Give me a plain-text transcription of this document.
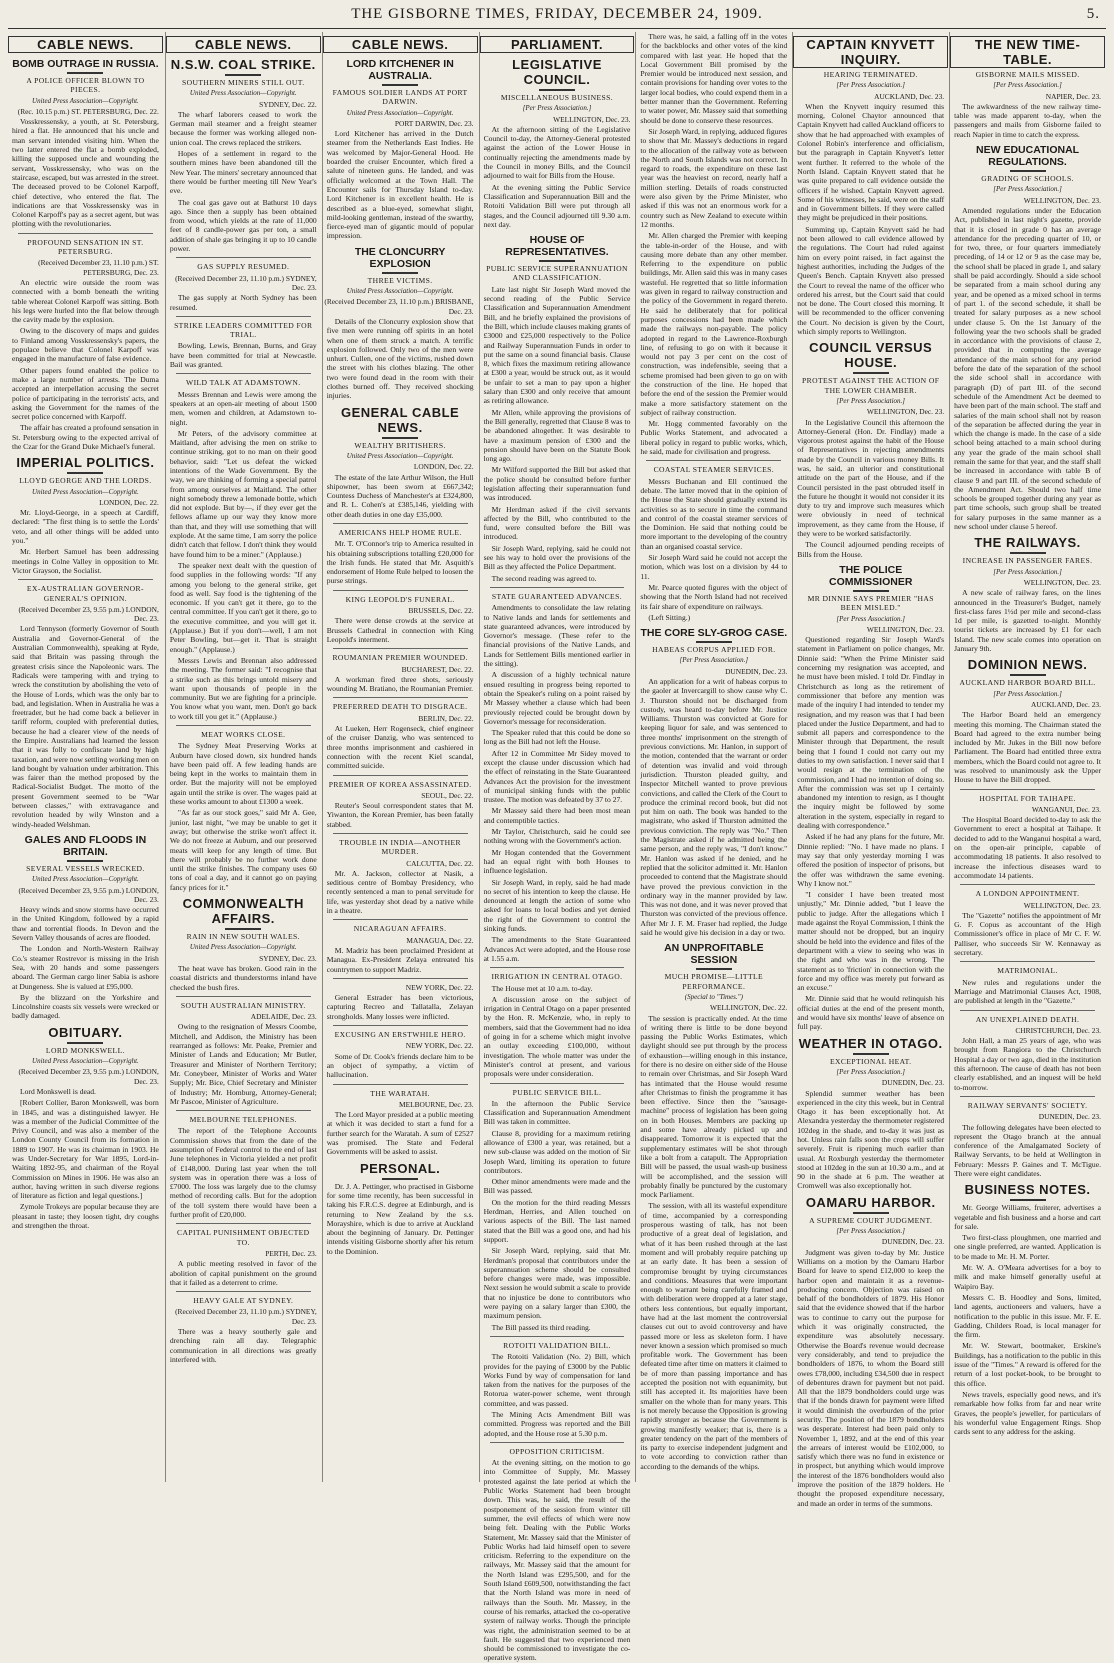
THE GISBORNE TIMES, FRIDAY, DECEMBER 24, 1909.	5.
CABLE NEWS.
BOMB OUTRAGE IN RUSSIA.
A POLICE OFFICER BLOWN TO PIECES.
United Press Association—Copyright.
(Rec. 10.15 p.m.) ST. PETERSBURG, Dec. 22.
Vosskressensky, a youth, at St. Petersburg, hired a flat. He announced that his uncle and man servant intended visiting him. When the two latter entered the flat a bomb exploded, killing the supposed uncle and wounding the servant, Vosskressensky, who was on the staircase, escaped, but was arrested in the street. The deceased proved to be Colonel Karpoff, chief detective, who entered the flat. The indications are that Vosskressensky was in Colonel Karpoff's pay as a secret agent, but was plotting with the revolutionaries.
PROFOUND SENSATION IN ST. PETERSBURG.
(Received December 23, 11.10 p.m.) ST. PETERSBURG, Dec. 23.
An electric wire outside the room was connected with a bomb beneath the writing table whereat Colonel Karpoff was sitting. Both his legs were hurled into the flat below through the cavity made by the explosion.
Owing to the discovery of maps and guides to Finland among Vosskressensky's papers, the populace believe that Colonel Karpoff was engaged in the manufacture of false evidence.
Other papers found enabled the police to make a large number of arrests. The Duma accepted an interpellation accusing the secret police of participating in the terrorists' acts, and asking the Government for the names of the secret police concerned with Karpoff.
The affair has created a profound sensation in St. Petersburg owing to the expected arrival of the Czar for the Grand Duke Michael's funeral.
IMPERIAL POLITICS.
LLOYD GEORGE AND THE LORDS.
United Press Association—Copyright.
LONDON, Dec. 22.
Mr. Lloyd-George, in a speech at Cardiff, declared: "The first thing is to settle the Lords' veto, and all other things will be added unto you."
Mr. Herbert Samuel has been addressing meetings in Colne Valley in opposition to Mr. Victor Grayson, the Socialist.
EX-AUSTRALIAN GOVERNOR-GENERAL'S OPINION.
(Received December 23, 9.55 p.m.) LONDON, Dec. 23.
Lord Tennyson (formerly Governor of South Australia and Governor-General of the Australian Commonwealth), speaking at Ryde, said that Britain was passing through the greatest crisis since the Napoleonic wars. The Radicals were tampering with and trying to wreck the constitution by abolishing the veto of the House of Lords, which was the only bar to bad, and legislation. When in Australia he was a freetrader, but he had come back a believer in tariff reform, coupled with preferential duties, because he had a clearer view of the needs of the Empire. Australians had learned the lesson that it was folly to confiscate land by high taxation, and were now settling working men on land bought by valuation under arbitration. This was fairer than the method proposed by the Radical-Socialist Budget. The motto of the present Government seemed to be "War between classes," with extravagance and revolution headed by wily Winston and a windy-headed Welshman.
GALES AND FLOODS IN BRITAIN.
SEVERAL VESSELS WRECKED.
United Press Association—Copyright.
(Received December 23, 9.55 p.m.) LONDON, Dec. 23.
Heavy winds and snow storms have occurred in the United Kingdom, followed by a rapid thaw and torrential floods. In Devon and the Severn Valley thousands of acres are flooded.
The London and North-Western Railway Co.'s steamer Rostrevor is missing in the Irish Sea, with 20 hands and some passengers aboard. The German cargo liner Sabia is ashore at Dungeness. She is valued at £95,000.
By the blizzard on the Yorkshire and Lincolnshire coasts six vessels were wrecked or badly damaged.
OBITUARY.
LORD MONKSWELL.
United Press Association—Copyright.
(Received December 23, 9.55 p.m.) LONDON, Dec. 23.
Lord Monkswell is dead.
[Robert Collier, Baron Monkswell, was born in 1845, and was a distinguished lawyer. He was a member of the Judicial Committee of the Privy Council, and was also a member of the London County Council from its formation in 1889 to 1907. He was its chairman in 1903. He was Under-Secretary for War 1895, Lord-in-Waiting 1892-95, and chairman of the Royal Commission on Mines in 1906. He was also an author, having written in such diverse regions of literature as fiction and legal questions.]
Zymole Trokeys are popular because they are pleasant in taste; they loosen tight, dry coughs and strengthen the throat.
CABLE NEWS.
N.S.W. COAL STRIKE.
SOUTHERN MINERS STILL OUT.
United Press Association—Copyright.
SYDNEY, Dec. 22.
The wharf laborers ceased to work the German mail steamer and a freight steamer because the former was working alleged non-union coal. The crews replaced the strikers.
Hopes of a settlement in regard to the southern mines have been abandoned till the New Year. The miners' secretary announced that there would be further meeting till New Year's eve.
The coal gas gave out at Bathurst 10 days ago. Since then a supply has been obtained from wood, which yields at the rate of 11,000 feet of 8 candle-power gas per ton, a small addition of shale gas bringing it up to 10 candle power.
GAS SUPPLY RESUMED.
(Received December 23, 11.10 p.m.) SYDNEY, Dec. 23.
The gas supply at North Sydney has been resumed.
STRIKE LEADERS COMMITTED FOR TRIAL.
Bowling, Lewis, Brennan, Burns, and Gray have been committed for trial at Newcastle. Bail was granted.
WILD TALK AT ADAMSTOWN.
Messrs Brennan and Lewis were among the speakers at an open-air meeting of about 1500 men, women and children, at Adamstown to-night.
Mr Peters, of the advisory committee at Maitland, after advising the men on strike to continue striking, got to no man on their good behavior, said: "Let us defeat the wicked intentions of the Wade Government. By the way, we are thinking of forming a special patrol from among ourselves at Maitland. The other night somebody threw a lemonade bottle, which did not explode. But by—, if they ever get the fellows aflame up our way they know more than that, and they will use something that will explode. At the same time, I am sorry the police didn't catch that fellow. I don't think they would have found him to be a miner." (Applause.)
The speaker next dealt with the question of food supplies in the following words: "If any among you belong to the general strike, get food as well. Say food is the tightening of the economic. If you can't get it there, go to the central committee. If you can't get it there, go to the executive committee, and you will get it. (Applause.) But if you don't—well, I am not Peter Bowling, but—get it. That is straight enough." (Applause.)
Messrs Lewis and Brennan also addressed the meeting. The former said: "I recognise that a strike such as this brings untold misery and want upon thousands of people in the community. But we are fighting for a principle. You know what you want, men. Don't go back to work till you get it." (Applause.)
MEAT WORKS CLOSE.
The Sydney Meat Preserving Works at Auburn have closed down, six hundred hands have been paid off. A few leading hands are being kept in the works to maintain them in order. But the majority will not be employed again until the strike is over. The wages paid at these works amount to about £1300 a week.
"As far as our stock goes," said Mr A. Gee, junior, last night, "we may be unable to get it away; but otherwise the strike won't affect it. We do not freeze at Auburn, and our preserved meats will keep for any length of time. But there will probably be no further work done until the strike finishes. The company uses 60 tons of coal a day, and it cannot go on paying fancy prices for it."
COMMONWEALTH AFFAIRS.
RAIN IN NEW SOUTH WALES.
United Press Association—Copyright.
SYDNEY, Dec. 23.
The heat wave has broken. Good rain in the coastal districts and thunderstorms inland have checked the bush fires.
SOUTH AUSTRALIAN MINISTRY.
ADELAIDE, Dec. 23.
Owing to the resignation of Messrs Coombe, Mitchell, and Addison, the Ministry has been rearranged as follows: Mr. Peake, Premier and Minister of Lands and Education; Mr Butler, Treasurer and Minister of Northern Territory; Mr. Coneybeer, Minister of Works and Water Supply; Mr. Bice, Chief Secretary and Minister of Industry; Mr. Homburg, Attorney-General; Mr Pascoe, Minister of Agriculture.
MELBOURNE TELEPHONES.
The report of the Telephone Accounts Commission shows that from the date of the assumption of Federal control to the end of last June telephones in Victoria yielded a net profit of £148,000. During last year when the toll system was in operation there was a loss of £7000. The loss was largely due to the clumsy method of recording calls. But for the adoption of the toll system there would have been a further profit of £20,000.
CAPITAL PUNISHMENT OBJECTED TO.
PERTH, Dec. 23.
A public meeting resolved in favor of the abolition of capital punishment on the ground that it failed as a deterrent to crime.
HEAVY GALE AT SYDNEY.
(Received December 23, 11.10 p.m.) SYDNEY, Dec. 23.
There was a heavy southerly gale and drenching rain all day. Telegraphic communication in all directions was greatly interfered with.
CABLE NEWS.
LORD KITCHENER IN AUSTRALIA.
FAMOUS SOLDIER LANDS AT PORT DARWIN.
United Press Association—Copyright.
PORT DARWIN, Dec. 23.
Lord Kitchener has arrived in the Dutch steamer from the Netherlands East Indies. He was welcomed by Major-General Hood. He boarded the cruiser Encounter, which fired a salute of nineteen guns. He landed, and was officially welcomed at the Town Hall. The Encounter sails for Thursday Island to-day. Lord Kitchener is in excellent health. He is described as a blue-eyed, somewhat slight, mild-looking gentleman, instead of the swarthy, fierce-eyed man of gigantic mould of popular impression.
THE CLONCURRY EXPLOSION
THREE VICTIMS.
United Press Association—Copyright.
(Received December 23, 11.10 p.m.) BRISBANE, Dec. 23.
Details of the Cloncurry explosion show that five men were running off spirits in an hotel when one of them struck a match. A terrific explosion followed. Only two of the men were unhurt. Cullen, one of the victims, rushed down the street with his clothes blazing. The other two were found dead in the room with their clothes burned off. They received shocking injuries.
GENERAL CABLE NEWS.
WEALTHY BRITISHERS.
United Press Association—Copyright.
LONDON, Dec. 22.
The estate of the late Arthur Wilson, the Hull shipowner, has been sworn at £667,342; Countess Duchess of Manchester's at £324,800, and R. L. Cohen's at £385,146, yielding with other death duties in one day £35,000.
AMERICANS HELP HOME RULE.
Mr. T. O'Connor's trip to America resulted in his obtaining subscriptions totalling £20,000 for the Irish funds. He stated that Mr. Asquith's endorsement of Home Rule helped to loosen the purse strings.
KING LEOPOLD'S FUNERAL.
BRUSSELS, Dec. 22.
There were dense crowds at the service at Brussels Cathedral in connection with King Leopold's interment.
ROUMANIAN PREMIER WOUNDED.
BUCHAREST, Dec. 22.
A workman fired three shots, seriously wounding M. Bratiano, the Roumanian Premier.
PREFERRED DEATH TO DISGRACE.
BERLIN, Dec. 22.
At Lueken, Herr Rogenseck, chief engineer of the cruiser Danzig, who was sentenced to three months imprisonment and cashiered in connection with the recent Kiel scandal, committed suicide.
PREMIER OF KOREA ASSASSINATED.
SEOUL, Dec. 22.
Reuter's Seoul correspondent states that M. Yiwanton, the Korean Premier, has been fatally stabbed.
TROUBLE IN INDIA—ANOTHER MURDER.
CALCUTTA, Dec. 22.
Mr. A. Jackson, collector at Nasik, a seditious centre of Bombay Presidency, who recently sentenced a man to penal servitude for life, was yesterday shot dead by a native while in a theatre.
NICARAGUAN AFFAIRS.
MANAGUA, Dec. 22.
M. Madriz has been proclaimed President at Managua. Ex-President Zelaya entreated his countrymen to support Madriz.
NEW YORK, Dec. 22.
General Estrader has been victorious, capturing Recreo and Tallatalla, Zelayan strongholds. Many losses were inflicted.
EXCUSING AN ERSTWHILE HERO.
NEW YORK, Dec. 22.
Some of Dr. Cook's friends declare him to be an object of sympathy, a victim of hallucination.
THE WARATAH.
MELBOURNE, Dec. 23.
The Lord Mayor presided at a public meeting at which it was decided to start a fund for a further search for the Waratah. A sum of £2527 was promised. The State and Federal Governments will be asked to assist.
PERSONAL.
Dr. J. A. Pettinger, who practised in Gisborne for some time recently, has been successful in taking his F.R.C.S. degree at Edinburgh, and is returning to New Zealand by the s.s. Morayshire, which is due to arrive at Auckland about the beginning of January. Dr. Pettinger intends visiting Gisborne shortly after his return to the Dominion.
PARLIAMENT.
LEGISLATIVE COUNCIL.
MISCELLANEOUS BUSINESS.
[Per Press Association.]
WELLINGTON, Dec. 23.
At the afternoon sitting of the Legislative Council to-day, the Attorney-General protested against the action of the Lower House in continually rejecting the amendments made by the Council in money Bills, and the Council adjourned to wait for Bills from the House.
At the evening sitting the Public Service Classification and Superannuation Bill and the Rotoiti Validation Bill were put through all stages, and the Council adjourned till 9.30 a.m. next day.
HOUSE OF REPRESENTATIVES.
PUBLIC SERVICE SUPERANNUATION AND CLASSIFICATION.
Late last night Sir Joseph Ward moved the second reading of the Public Service Classification and Superannuation Amendment Bill, and he briefly explained the provisions of the Bill, which include clauses making grants of £3000 and £25,000 respectively to the Police and Railway Superannuation Funds in order to put the same on a sound financial basis. Clause 8, which fixes the maximum retiring allowance at £300 a year, would be struck out, as it would be unfair to set a man to pay upon a higher salary than £300 and only receive that amount as retiring allowance.
Mr Allen, while approving the provisions of the Bill generally, regretted that Clause 8 was to be abandoned altogether. It was desirable to have a maximum pension of £300 and the pension should have been on the Statute Book long ago.
Mr Wilford supported the Bill but asked that the police should be consulted before further legislation affecting their superannuation fund was introduced.
Mr Herdman asked if the civil servants affected by the Bill, who contributed to the fund, were consulted before the Bill was introduced.
Sir Joseph Ward, replying, said he could not see his way to hold over the provisions of the Bill as they affected the Police Department.
The second reading was agreed to.
STATE GUARANTEED ADVANCES.
Amendments to consolidate the law relating to Native lands and lands for settlements and state guaranteed advances, were introduced by Governor's message. (These refer to the financial provisions of the Native Lands, and Lands for Settlement Bills mentioned earlier in the sitting).
A discussion of a highly technical nature ensued resulting in progress being reported to obtain the Speaker's ruling on a point raised by Mr Massey whether a clause which had been previously rejected could be brought down by Governor's message for reconsideration.
The Speaker ruled that this could be done so long as the Bill had not left the House.
After 12 in Committee Mr Sidey moved to except the clause under discussion which had the effect of reinstating in the State Guaranteed Advances Act the provision for the investment of municipal sinking funds with the public trustee. The motion was defeated by 37 to 27.
Mr Massey said there had been most mean and contemptible tactics.
Mr Taylor, Christchurch, said he could see nothing wrong with the Government's action.
Mr Hogan contended that the Government had an equal right with both Houses to influence legislation.
Sir Joseph Ward, in reply, said he had made no secret of his intention to keep the clause. He denounced at length the action of some who asked for loans to local bodies and yet denied the right of the Government to control the sinking funds.
The amendments to the State Guaranteed Advances Act were adopted, and the House rose at 1.55 a.m.
IRRIGATION IN CENTRAL OTAGO.
The House met at 10 a.m. to-day.
A discussion arose on the subject of irrigation in Central Otago on a paper presented by the Hon. R. McKenzie, who, in reply to members, said that the Government had no idea of going in for a scheme which might involve an outlay exceeding £100,000, without investigation. The whole matter was under the Minister's control at present, and various proposals were under consideration.
PUBLIC SERVICE BILL.
In the afternoon the Public Service Classification and Superannuation Amendment Bill was taken in committee.
Clause 8, providing for a maximum retiring allowance of £300 a year, was retained, but a new sub-clause was added on the motion of Sir Joseph Ward, limiting its operation to future contributors.
Other minor amendments were made and the Bill was passed.
On the motion for the third reading Messrs Herdman, Herries, and Allen touched on various aspects of the Bill. The last named stated that the Bill was a good one, and had his support.
Sir Joseph Ward, replying, said that Mr. Herdman's proposal that contributors under the superannuation scheme should be consulted before changes were made, was impossible. Next session he would submit a scale to provide that no injustice be done to contributors who were paying on a salary larger than £300, the maximum pension.
The Bill passed its third reading.
ROTOITI VALIDATION BILL.
The Rotoiti Validation (No. 2) Bill, which provides for the paying of £3000 by the Public Works Fund by way of compensation for land taken from the natives for the purposes of the Rotorua water-power scheme, went through committee, and was passed.
The Mining Acts Amendment Bill was committed. Progress was reported and the Bill adopted, and the House rose at 5.30 p.m.
OPPOSITION CRITICISM.
At the evening sitting, on the motion to go into Committee of Supply, Mr. Massey protested against the late period at which the Public Works Statement had been brought down. This was, he said, the result of the postponement of the session from winter till summer, the evil effects of which were now being felt. Dealing with the Public Works Statement, Mr. Massey said that the Minister of Public Works had laid himself open to severe criticism. Referring to the expenditure on the railways, Mr. Massey said that the amount for the North Island was £295,500, and for the South Island £609,500, notwithstanding the fact that the North Island was more in need of railways than the South. Mr. Massey, in the course of his remarks, attacked the co-operative system of railway works. Though the principle was right, the administration seemed to be at fault. He suggested that two experienced men should be commissioned to investigate the co-operative system.
There was, he said, a falling off in the votes for the backblocks and other votes of the kind compared with last year. He hoped that the Local Government Bill promised by the Premier would be introduced next session, and contain provisions for handing over votes to the larger local bodies, who could expend them in a better manner than the Government. Referring to water power, Mr. Massey said that something should be done to conserve these resources.
Sir Joseph Ward, in replying, adduced figures to show that Mr. Massey's deductions in regard to the allocation of the railway vote as between the North and South Islands was not correct. In regard to roads, the expenditure on these last year was the heaviest on record, nearly half a million sterling. Details of roads constructed were also given by the Prime Minister, who asked if this was not an enormous work for a country such as New Zealand to execute within 12 months.
Mr. Allen charged the Premier with keeping the table-in-order of the House, and with causing more debate than any other member. Referring to the expenditure on public buildings, Mr. Allen said this was in many cases wasteful. He regretted that so little information was given in regard to railway construction and the policy of the Government in regard thereto. He said he deliberately that for political purposes concessions had been made which made the railways non-payable. The policy adopted in regard to the Lawrence-Roxburgh line, of refusing to go on with it because it would not pay 3 per cent on the cost of construction, was indefensible, seeing that a scheme promised had been given to go on with the construction of the line. He hoped that before the end of the session the Premier would make a more satisfactory statement on the subject of railway construction.
Mr. Hogg commented favorably on the Public Works Statement, and advocated a liberal policy in regard to public works, which, he said, made for civilisation and progress.
COASTAL STEAMER SERVICES.
Messrs Buchanan and Ell continued the debate. The latter moved that in the opinion of the House the State should gradually extend its activities so as to secure in time the command and control of the coastal steamer services of the Dominion. He said that nothing could be more important to the developing of the country than an organised coastal service.
Sir Joseph Ward said he could not accept the motion, which was lost on a division by 44 to 11.
Mr. Pearce quoted figures with the object of showing that the North Island had not received its fair share of expenditure on railways.
(Left Sitting.)
THE CORE SLY-GROG CASE.
HABEAS CORPUS APPLIED FOR.
[Per Press Association.]
DUNEDIN, Dec. 23.
An application for a writ of habeas corpus to the gaoler at Invercargill to show cause why C. J. Thurston should not be discharged from custody, was heard to-day before Mr. Justice Williams. Thurston was convicted at Gore for keeping liquor for sale, and was sentenced to three months' imprisonment on the strength of previous convictions. Mr. Hanlon, in support of the motion, contended that the warrant or order of detention was invalid and void through jurisdiction. Thurston pleaded guilty, and Inspector Mitchell wanted to prove previous convictions, and called the Clerk of the Court to produce the criminal record book, but did not put him on oath. The book was handed to the magistrate, who asked if Thurston admitted the previous conviction. The reply was "No." Then the Magistrate asked if he admitted being the same person, and the reply was, "I don't know." Mr. Hanlon was asked if he denied, and he replied that the solicitor admitted it. Mr. Hanlon proceeded to contend that the Magistrate should have proved the previous conviction in the ordinary way in the manner provided by law. This was not done, and it was never proved that Thurston was convicted of the previous offence. After Mr J. F. M. Fraser had replied, the Judge said he would give his decision in a day or two.
AN UNPROFITABLE SESSION
MUCH PROMISE—LITTLE PERFORMANCE.
(Special to "Times.")
WELLINGTON, Dec. 22.
The session is practically ended. At the time of writing there is little to be done beyond passing the Public Works Estimates, which daylight should see put through by the process of exhaustion—willing enough in this instance, for there is no desire on either side of the House to remain over Christmas, and Sir Joseph Ward has intimated that the House would resume after Christmas to finish the programme it has been effective. Since then the "sausage-machine" process of legislation has been going on in both Houses. Members are packing up and some have already picked up and disappeared. Tomorrow it is expected that the supplementary estimates will be shot through like a bolt from a catapult. The Appropriation Bill will be passed, the usual wash-up business will be accomplished, and the session will probably finally be punctured by the customary mock Parliament.
The session, with all its wasteful expenditure of time, accompanied by a corresponding prosperous wasting of talk, has not been productive of a great deal of legislation, and what of it has been rushed through at the last moment and will probably require patching up at an early date. It has been a session of compromise brought by trying circumstances and conditions. Measures that were important enough to warrant being carefully framed and with deliberation were dropped at a later stage, others less contentious, but equally important, have had at the last moment the controversial clauses cut out to avoid controversy and have passed more or less as skeleton form. I have never known a session which promised so much profitable work. The Government has been defeated time after time on matters it claimed to be of more than passing importance and has accepted the position not with equanimity, but still has accepted it. Its majorities have been smaller on the whole than for many years. This is not merely because the Opposition is growing rapidly stronger as because the Government is growing manifestly weaker; that is, there is a greater tendency on the part of the members of its party to exercise independent judgment and to vote according to conviction rather than according to the demands of the whips.
CAPTAIN KNYVETT INQUIRY.
HEARING TERMINATED.
[Per Press Association.]
AUCKLAND, Dec. 23.
When the Knyvett inquiry resumed this morning, Colonel Chaytor announced that Captain Knyvett had called Auckland officers to show that he had approached with examples of Colonel Robin's interference and officialism, but the paragraph in Captain Knyvett's letter went further. It referred to the whole of the North Island. Captain Knyvett stated that he was quite prepared to call evidence outside the officers if he wished. Captain Knyvett agreed. Some of his witnesses, he said, were on the staff and in Government billets. If they were called they might be prejudiced in their positions.
Summing up, Captain Knyvett said he had not been allowed to call evidence allowed by the regulations. The Court had ruled against him on every point raised, in fact against the highest authorities, including the Judges of the Queen's Bench. Captain Knyvett also pressed the Court to reveal the name of the officer who ordered his arrest, but the Court said that could not be done. The Court closed this morning. It will be recommended to the officer convening the Court. No decision is given by the Court, which simply reports to Wellington.
COUNCIL VERSUS HOUSE.
PROTEST AGAINST THE ACTION OF THE LOWER CHAMBER.
[Per Press Association.]
WELLINGTON, Dec. 23.
In the Legislative Council this afternoon the Attorney-General (Hon. Dr. Findlay) made a vigorous protest against the habit of the House of Representatives in rejecting amendments made by the Council in various money Bills. It was, he said, an ulterior and constitutional attitude on the part of the House, and if the Council persisted in the past obtruded itself in the future he thought it would not consider it its duty to try and improve such measures which were obviously in need of technical improvement, as they came from the House, if they were to be worked satisfactorily.
The Council adjourned pending receipts of Bills from the House.
THE POLICE COMMISSIONER
MR DINNIE SAYS PREMIER "HAS BEEN MISLED."
[Per Press Association.]
WELLINGTON, Dec. 23.
Questioned regarding Sir Joseph Ward's statement in Parliament on police changes, Mr. Dinnie said: "When the Prime Minister said concerning my resignation was accepted, and he must have been misled. I told Dr. Findlay in Christchurch as long as the retirement of commissioner that before any mention was made of the inquiry I had intended to tender my resignation, and my reason was that I had been placed under the Justice Department, and had to submit all papers and correspondence to the Minister through that Department, the result being that I found I could not carry out my duties to my own satisfaction. I never said that I would resign at the termination of the commission, and I had no intention of doing so. After the commission was set up I certainly abandoned my intention to resign, as I thought the inquiry might be followed by some alteration in the system, especially in regard to dealing with correspondence."
Asked if he had any plans for the future, Mr. Dinnie replied: "No. I have made no plans. I may say that only yesterday morning I was offered the position of inspector of prisons, but the offer was withdrawn the same evening. Why I know not."
"I consider I have been treated most unjustly," Mr. Dinnie added, "but I leave the public to judge. After the allegations which I made against the Royal Commission, I think the matter should not be dropped, but an inquiry should be held into the evidence and files of the department with a view to seeing who was in the right and who was in the wrong. The statement as to 'friction' in connection with the force and my office was merely put forward as an excuse."
Mr. Dinnie said that he would relinquish his official duties at the end of the present month, and would have six months' leave of absence on full pay.
WEATHER IN OTAGO.
EXCEPTIONAL HEAT.
[Per Press Association.]
DUNEDIN, Dec. 23.
Splendid summer weather has been experienced in the city this week, but in Central Otago it has been exceptionally hot. At Alexandra yesterday the thermometer registered 102deg in the shade, and to-day it was just as hot. Unless rain falls soon the crops will suffer severely. Fruit is ripening much earlier than usual. At Roxburgh yesterday the thermometer stood at 102deg in the sun at 10.30 a.m., and at 90 in the shade at 6 p.m. The weather at Cromwell was also exceptionally hot.
OAMARU HARBOR.
A SUPREME COURT JUDGMENT.
[Per Press Association.]
DUNEDIN, Dec. 23.
Judgment was given to-day by Mr. Justice Williams on a motion by the Oamaru Harbor Board for leave to spend £12,000 to keep the harbor open and maintain it as a revenue-producing concern. Objection was raised on behalf of the bondholders of 1879. His Honor said that the evidence showed that if the harbor was to continue to carry out the purpose for which it was originally constructed, the expenditure was absolutely necessary. Otherwise the Board's revenue would decrease very considerably, and tend to prejudice the bondholders of 1876, to whom the Board still owes £78,000, including £34,500 due in respect of debentures drawn for payment but not paid. All that the 1879 bondholders could urge was that if the bonds drawn for payment were lifted it would diminish the overburden of the prior security. The position of the 1879 bondholders was desperate. Interest had been paid only to November 1, 1892, and at the end of this year the arrears of interest would be £102,000, to satisfy which there was no fund in existence or in prospect, but anything which would improve the interest of the 1876 bondholders would also improve the position of the 1879 holders. He thought the proposed expenditure necessary, and made an order in terms of the summons.
THE NEW TIME-TABLE.
GISBORNE MAILS MISSED.
[Per Press Association.]
NAPIER, Dec. 23.
The awkwardness of the new railway time-table was made apparent to-day, when the passengers and mails from Gisborne failed to reach Napier in time to catch the express.
NEW EDUCATIONAL REGULATIONS.
GRADING OF SCHOOLS.
[Per Press Association.]
WELLINGTON, Dec. 23.
Amended regulations under the Education Act, published in last night's gazette, provide that it is closed in grade 0 has an average attendance for the preceding quarter of 10, or for two, three, or four quarters immediately preceding, of 14 or 12 or 9 as the case may be, the school shall be placed in grade 1, and salary shall be paid accordingly. Should a side school be separated from a main school during any year, and be opened as a mixed school in terms of part 1. of the second schedule, it shall be treated for salary purposes as a new school under clause 5. On the 1st January of the following year the two schools shall be graded in accordance with the provisions of clause 2, provided that in computing the average attendance of the main school for any period before the date of the separation of the school the side school shall in accordance with paragraph (D) of part III. of the second schedule of the Amendment Act be deemed to have been part of the main school. The staff and salaries of the main school shall not by reason of the separation be affected during the year in which the change is made. In the case of a side school being attached to a main school during any year the grade of the main school shall remain the same for that year, and the staff shall be increased in accordance with table B of clause 9 and part III. of the second schedule of the Amendment Act. Should two half time schools be grouped together during any year as part time schools, such group shall be treated for salary purposes in the same manner as a new school under clause 5 hereof.
THE RAILWAYS.
INCREASE IN PASSENGER FARES.
[Per Press Association.]
WELLINGTON, Dec. 23.
A new scale of railway fares, on the lines announced in the Treasurer's Budget, namely first-class fares 1½d per mile and second-class 1d per mile, is gazetted to-night. Monthly tourist tickets are increased by £1 for each Island. The new scale comes into operation on January 9th.
DOMINION NEWS.
AUCKLAND HARBOR BOARD BILL.
[Per Press Association.]
AUCKLAND, Dec. 23.
The Harbor Board held an emergency meeting this morning. The Chairman stated the Board had agreed to the extra number being included by Mr. Jukes in the Bill now before Parliament. The Board had entitled three extra members, which the Board could not agree to. It was resolved to unanimously ask the Upper House to have the Bill dropped.
HOSPITAL FOR TAIHAPE.
WANGANUI, Dec. 23.
The Hospital Board decided to-day to ask the Government to erect a hospital at Taihape. It decided to add to the Wanganui hospital a ward, on the open-air principle, capable of accommodating 18 patients. It also resolved to increase the infectious diseases ward to accommodate 14 patients.
A LONDON APPOINTMENT.
WELLINGTON, Dec. 23.
The "Gazette" notifies the appointment of Mr G. F. Copus as accountant of the High Commissioner's office in place of Mr C. F. W. Palliser, who succeeds Sir W. Kennaway as secretary.
MATRIMONIAL.
New rules and regulations under the Marriage and Matrimonial Clauses Act, 1908, are published at length in the "Gazette."
AN UNEXPLAINED DEATH.
CHRISTCHURCH, Dec. 23.
John Hall, a man 25 years of age, who was brought from Rangiora to the Christchurch Hospital a day or two ago, died in the institution this afternoon. The cause of death has not been clearly established, and an inquest will be held to-morrow.
RAILWAY SERVANTS' SOCIETY.
DUNEDIN, Dec. 23.
The following delegates have been elected to represent the Otago branch at the annual conference of the Amalgamated Society of Railway Servants, to be held at Wellington in February: Messrs P. Gaines and T. McTigue. There were eight candidates.
BUSINESS NOTES.
Mr. George Williams, fruiterer, advertises a vegetable and fish business and a horse and cart for sale.
Two first-class ploughmen, one married and one single preferred, are wanted. Application is to be made to Mr. H. M. Porter.
Mr. W. A. O'Meara advertises for a boy to milk and make himself generally useful at Waipiro Bay.
Messrs C. B. Hoodley and Sons, limited, land agents, auctioneers and valuers, have a notification to the public in this issue. Mr. F. E. Gadding, Childers Road, is local manager for the firm.
Mr. W. Stewart, bootmaker, Erskine's Buildings, has a notification to the public in this issue of the "Times." A reward is offered for the return of a lost pocket-book, to be brought to this office.
News travels, especially good news, and it's remarkable how folks from far and near write Graves, the people's jeweller, for particulars of his wonderful value Engagement Rings. Shop cards sent to any address for the asking.
